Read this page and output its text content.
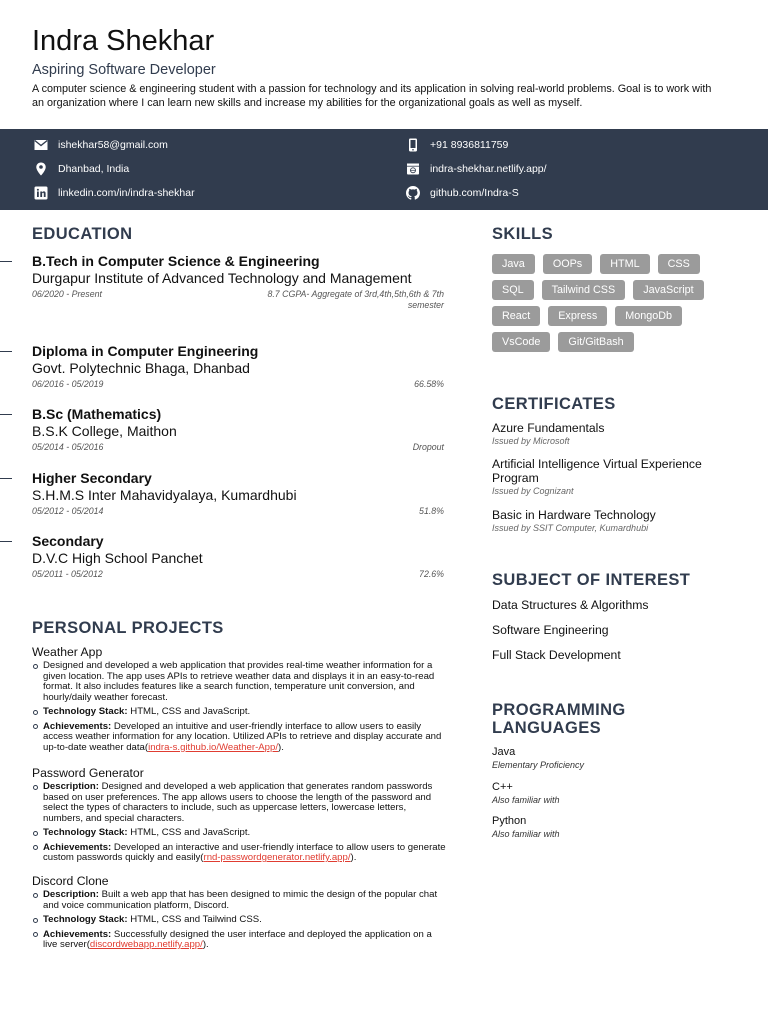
Indra Shekhar
Aspiring Software Developer
A computer science & engineering student with a passion for technology and its application in solving real-world problems. Goal is to work with an organization where I can learn new skills and increase my abilities for the organizational goals as well as myself.
ishekhar58@gmail.com	+91 8936811759
Dhanbad, India	indra-shekhar.netlify.app/
linkedin.com/in/indra-shekhar	github.com/Indra-S
EDUCATION
B.Tech in Computer Science & Engineering
Durgapur Institute of Advanced Technology and Management
06/2020 - Present	8.7 CGPA- Aggregate of 3rd,4th,5th,6th & 7th semester
Diploma in Computer Engineering
Govt. Polytechnic Bhaga, Dhanbad
06/2016 - 05/2019	66.58%
B.Sc (Mathematics)
B.S.K College, Maithon
05/2014 - 05/2016	Dropout
Higher Secondary
S.H.M.S Inter Mahavidyalaya, Kumardhubi
05/2012 - 05/2014	51.8%
Secondary
D.V.C High School Panchet
05/2011 - 05/2012	72.6%
PERSONAL PROJECTS
Weather App
Designed and developed a web application that provides real-time weather information for a given location. The app uses APIs to retrieve weather data and displays it in an easy-to-read format. It also includes features like a search function, temperature unit conversion, and hourly/daily weather forecast.
Technology Stack: HTML, CSS and JavaScript.
Achievements: Developed an intuitive and user-friendly interface to allow users to easily access weather information for any location. Utilized APIs to retrieve and display accurate and up-to-date weather data(indra-s.github.io/Weather-App/).
Password Generator
Description: Designed and developed a web application that generates random passwords based on user preferences. The app allows users to choose the length of the password and select the types of characters to include, such as uppercase letters, lowercase letters, numbers, and special characters.
Technology Stack: HTML, CSS and JavaScript.
Achievements: Developed an interactive and user-friendly interface to allow users to generate custom passwords quickly and easily(rnd-passwordgenerator.netlify.app/).
Discord Clone
Description: Built a web app that has been designed to mimic the design of the popular chat and voice communication platform, Discord.
Technology Stack: HTML, CSS and Tailwind CSS.
Achievements: Successfully designed the user interface and deployed the application on a live server(discordwebapp.netlify.app/).
SKILLS
Java	OOPs	HTML	CSS
SQL	Tailwind CSS	JavaScript
React	Express	MongoDb
VsCode	Git/GitBash
CERTIFICATES
Azure Fundamentals
Issued by Microsoft
Artificial Intelligence Virtual Experience Program
Issued by Cognizant
Basic in Hardware Technology
Issued by SSIT Computer, Kumardhubi
SUBJECT OF INTEREST
Data Structures & Algorithms
Software Engineering
Full Stack Development
PROGRAMMING
LANGUAGES
Java
Elementary Proficiency
C++
Also familiar with
Python
Also familiar with
